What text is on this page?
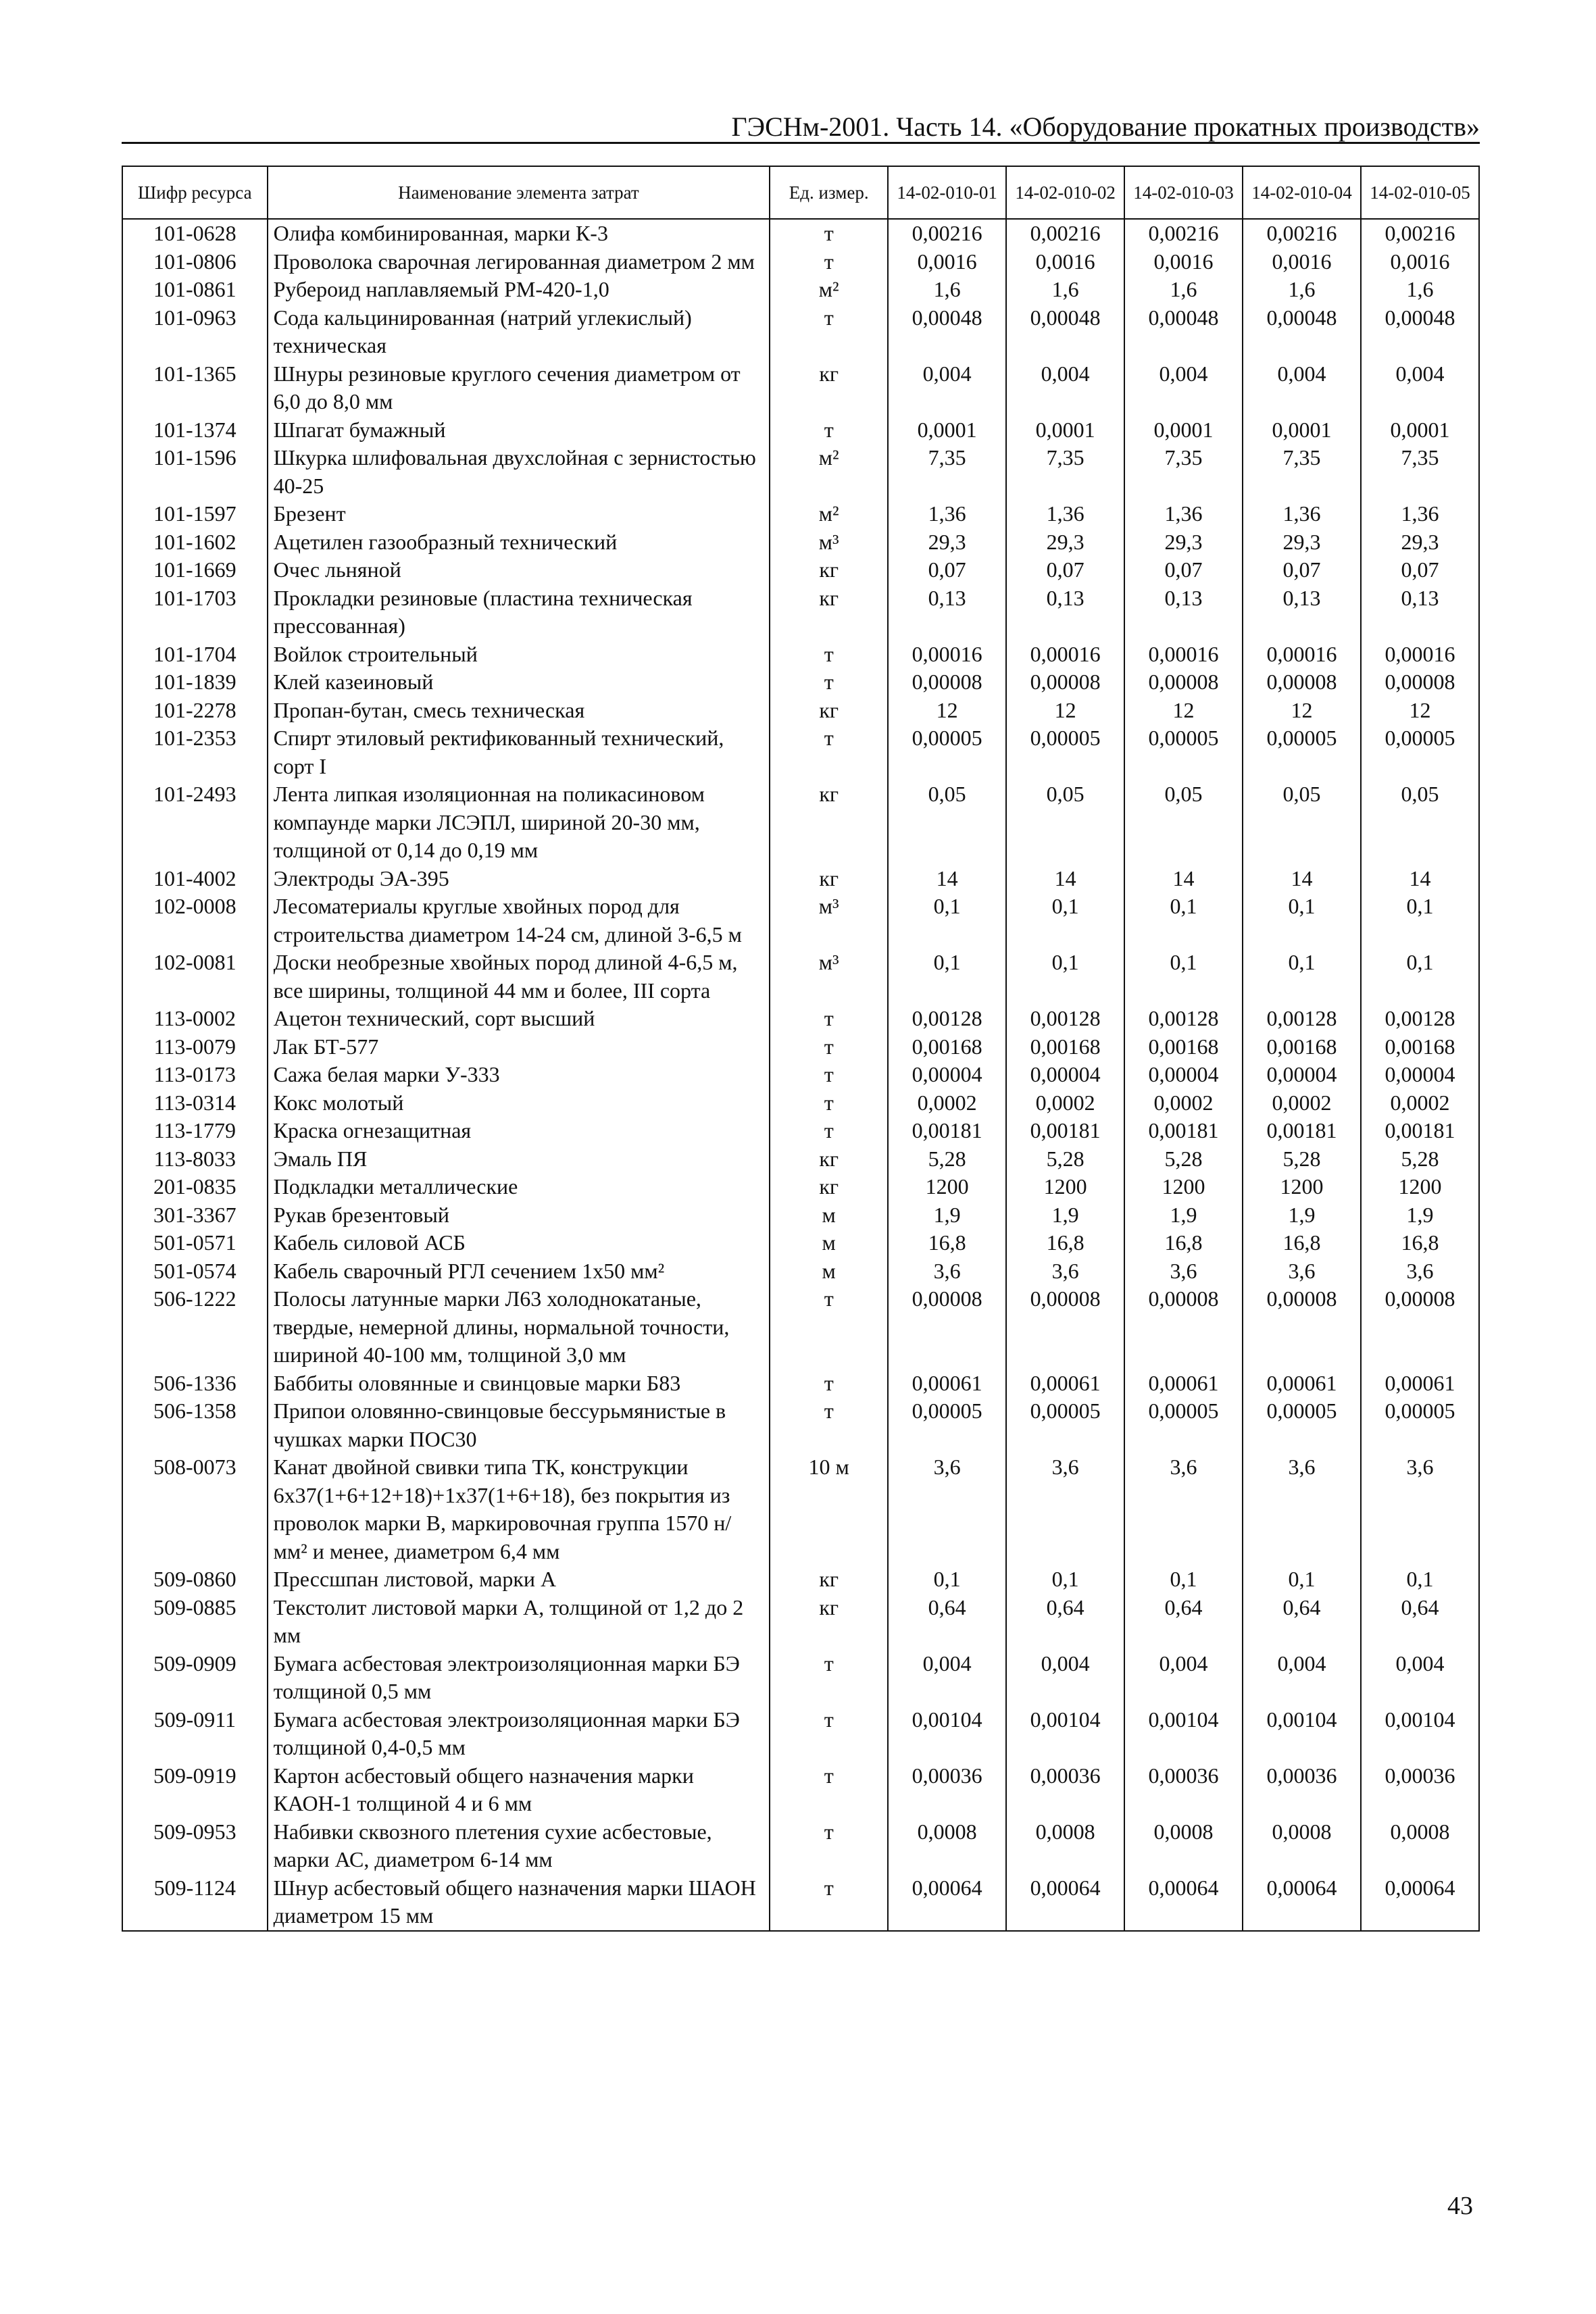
ГЭСНм-2001. Часть 14. «Оборудование прокатных производств»
Шифр ресурса	Наименование элемента затрат	Ед. измер.	14-02-010-01	14-02-010-02	14-02-010-03	14-02-010-04	14-02-010-05
101-0628	Олифа комбинированная, марки К-3	т	0,00216	0,00216	0,00216	0,00216	0,00216
101-0806	Проволока сварочная легированная диаметром 2 мм	т	0,0016	0,0016	0,0016	0,0016	0,0016
101-0861	Рубероид наплавляемый РМ-420-1,0	м²	1,6	1,6	1,6	1,6	1,6
101-0963	Сода кальцинированная (натрий углекислый) техническая	т	0,00048	0,00048	0,00048	0,00048	0,00048
101-1365	Шнуры резиновые круглого сечения диаметром от 6,0 до 8,0 мм	кг	0,004	0,004	0,004	0,004	0,004
101-1374	Шпагат бумажный	т	0,0001	0,0001	0,0001	0,0001	0,0001
101-1596	Шкурка шлифовальная двухслойная с зернистостью 40-25	м²	7,35	7,35	7,35	7,35	7,35
101-1597	Брезент	м²	1,36	1,36	1,36	1,36	1,36
101-1602	Ацетилен газообразный технический	м³	29,3	29,3	29,3	29,3	29,3
101-1669	Очес льняной	кг	0,07	0,07	0,07	0,07	0,07
101-1703	Прокладки резиновые (пластина техническая прессованная)	кг	0,13	0,13	0,13	0,13	0,13
101-1704	Войлок строительный	т	0,00016	0,00016	0,00016	0,00016	0,00016
101-1839	Клей казеиновый	т	0,00008	0,00008	0,00008	0,00008	0,00008
101-2278	Пропан-бутан, смесь техническая	кг	12	12	12	12	12
101-2353	Спирт этиловый ректификованный технический, сорт I	т	0,00005	0,00005	0,00005	0,00005	0,00005
101-2493	Лента липкая изоляционная на поликасиновом компаунде марки ЛСЭПЛ, шириной 20-30 мм, толщиной от 0,14 до 0,19 мм	кг	0,05	0,05	0,05	0,05	0,05
101-4002	Электроды ЭА-395	кг	14	14	14	14	14
102-0008	Лесоматериалы круглые хвойных пород для строительства диаметром 14-24 см, длиной 3-6,5 м	м³	0,1	0,1	0,1	0,1	0,1
102-0081	Доски необрезные хвойных пород длиной 4-6,5 м, все ширины, толщиной 44 мм и более, III сорта	м³	0,1	0,1	0,1	0,1	0,1
113-0002	Ацетон технический, сорт высший	т	0,00128	0,00128	0,00128	0,00128	0,00128
113-0079	Лак БТ-577	т	0,00168	0,00168	0,00168	0,00168	0,00168
113-0173	Сажа белая марки У-333	т	0,00004	0,00004	0,00004	0,00004	0,00004
113-0314	Кокс молотый	т	0,0002	0,0002	0,0002	0,0002	0,0002
113-1779	Краска огнезащитная	т	0,00181	0,00181	0,00181	0,00181	0,00181
113-8033	Эмаль ПЯ	кг	5,28	5,28	5,28	5,28	5,28
201-0835	Подкладки металлические	кг	1200	1200	1200	1200	1200
301-3367	Рукав брезентовый	м	1,9	1,9	1,9	1,9	1,9
501-0571	Кабель силовой АСБ	м	16,8	16,8	16,8	16,8	16,8
501-0574	Кабель сварочный РГЛ сечением 1x50 мм²	м	3,6	3,6	3,6	3,6	3,6
506-1222	Полосы латунные марки Л63 холоднокатаные, твердые, немерной длины, нормальной точности, шириной 40-100 мм, толщиной 3,0 мм	т	0,00008	0,00008	0,00008	0,00008	0,00008
506-1336	Баббиты оловянные и свинцовые марки Б83	т	0,00061	0,00061	0,00061	0,00061	0,00061
506-1358	Припои оловянно-свинцовые бессурьмянистые в чушках марки ПОС30	т	0,00005	0,00005	0,00005	0,00005	0,00005
508-0073	Канат двойной свивки типа ТК, конструкции 6x37(1+6+12+18)+1x37(1+6+18), без покрытия из проволок марки В, маркировочная группа 1570 н/мм² и менее, диаметром 6,4 мм	10 м	3,6	3,6	3,6	3,6	3,6
509-0860	Прессшпан листовой, марки А	кг	0,1	0,1	0,1	0,1	0,1
509-0885	Текстолит листовой марки А, толщиной от 1,2 до 2 мм	кг	0,64	0,64	0,64	0,64	0,64
509-0909	Бумага асбестовая электроизоляционная марки БЭ толщиной 0,5 мм	т	0,004	0,004	0,004	0,004	0,004
509-0911	Бумага асбестовая электроизоляционная марки БЭ толщиной 0,4-0,5 мм	т	0,00104	0,00104	0,00104	0,00104	0,00104
509-0919	Картон асбестовый общего назначения марки КАОН-1 толщиной 4 и 6 мм	т	0,00036	0,00036	0,00036	0,00036	0,00036
509-0953	Набивки сквозного плетения сухие асбестовые, марки АС, диаметром 6-14 мм	т	0,0008	0,0008	0,0008	0,0008	0,0008
509-1124	Шнур асбестовый общего назначения марки ШАОН диаметром 15 мм	т	0,00064	0,00064	0,00064	0,00064	0,00064
43
